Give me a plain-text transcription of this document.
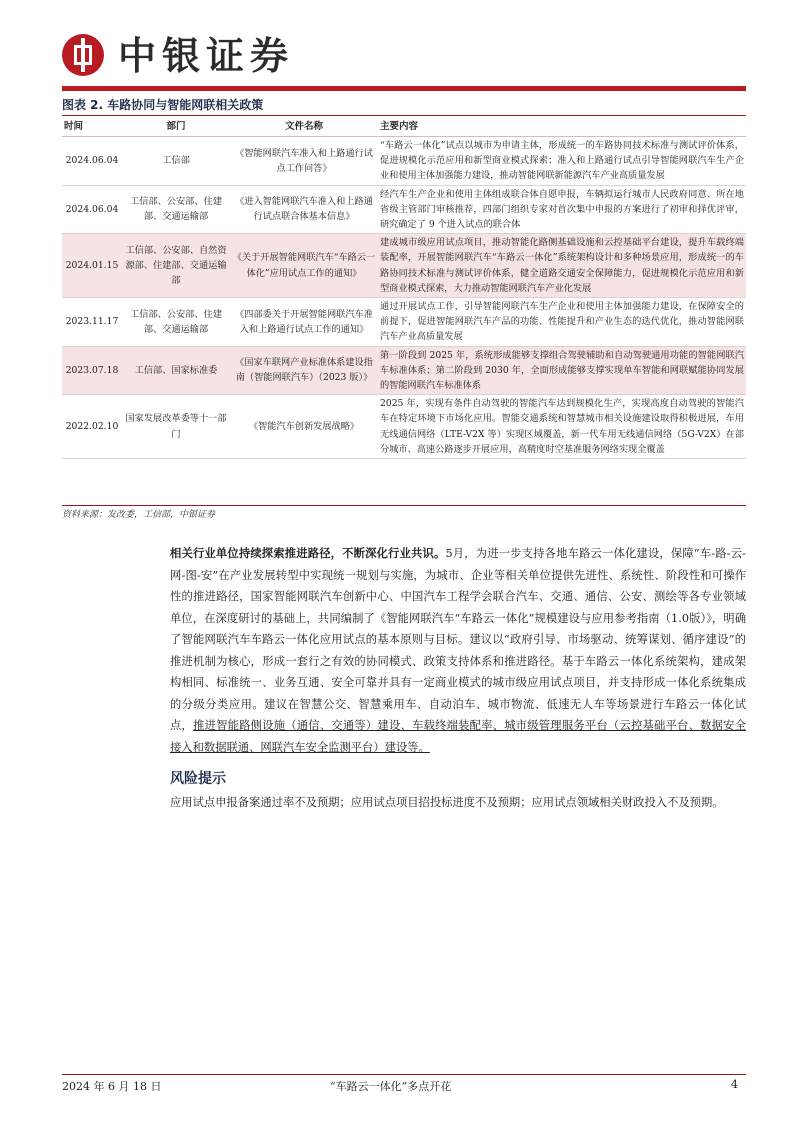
中银证券
图表 2. 车路协同与智能网联相关政策
时间	部门	文件名称	主要内容
2024.06.04	工信部	《智能网联汽车准入和上路通行试点工作问答》	“车路云一体化”试点以城市为申请主体，形成统一的车路协同技术标准与测试评价体系，促进规模化示范应用和新型商业模式探索；准入和上路通行试点引导智能网联汽车生产企业和使用主体加强能力建设，推动智能网联新能源汽车产业高质量发展
2024.06.04	工信部、公安部、住建部、交通运输部	《进入智能网联汽车准入和上路通行试点联合体基本信息》	经汽车生产企业和使用主体组成联合体自愿申报，车辆拟运行城市人民政府同意、所在地省级主管部门审核推荐，四部门组织专家对首次集中申报的方案进行了初审和择优评审，研究确定了 9 个进入试点的联合体
2024.01.15	工信部、公安部、自然资源部、住建部、交通运输部	《关于开展智能网联汽车“车路云一体化”应用试点工作的通知》	建成城市级应用试点项目，推动智能化路侧基础设施和云控基础平台建设，提升车载终端装配率，开展智能网联汽车“车路云一体化”系统架构设计和多种场景应用，形成统一的车路协同技术标准与测试评价体系，健全道路交通安全保障能力，促进规模化示范应用和新型商业模式探索，大力推动智能网联汽车产业化发展
2023.11.17	工信部、公安部、住建部、交通运输部	《四部委关于开展智能网联汽车准入和上路通行试点工作的通知》	通过开展试点工作，引导智能网联汽车生产企业和使用主体加强能力建设，在保障安全的前提下，促进智能网联汽车产品的功能、性能提升和产业生态的迭代优化，推动智能网联汽车产业高质量发展
2023.07.18	工信部、国家标准委	《国家车联网产业标准体系建设指南（智能网联汽车）（2023 版）》	第一阶段到 2025 年，系统形成能够支撑组合驾驶辅助和自动驾驶通用功能的智能网联汽车标准体系；第二阶段到 2030 年，全面形成能够支撑实现单车智能和网联赋能协同发展的智能网联汽车标准体系
2022.02.10	国家发展改革委等十一部门	《智能汽车创新发展战略》	2025 年，实现有条件自动驾驶的智能汽车达到规模化生产，实现高度自动驾驶的智能汽车在特定环境下市场化应用。智能交通系统和智慧城市相关设施建设取得积极进展，车用无线通信网络（LTE-V2X 等）实现区域覆盖，新一代车用无线通信网络（5G-V2X）在部分城市、高速公路逐步开展应用，高精度时空基准服务网络实现全覆盖
资料来源：发改委，工信部，中银证券
相关行业单位持续探索推进路径，不断深化行业共识。5月，为进一步支持各地车路云一体化建设，保障“车-路-云-网-图-安”在产业发展转型中实现统一规划与实施，为城市、企业等相关单位提供先进性、系统性、阶段性和可操作性的推进路径，国家智能网联汽车创新中心、中国汽车工程学会联合汽车、交通、通信、公安、测绘等各专业领域单位，在深度研讨的基础上，共同编制了《智能网联汽车“车路云一体化”规模建设与应用参考指南（1.0版）》，明确了智能网联汽车车路云一体化应用试点的基本原则与目标。建议以“政府引导、市场驱动、统筹谋划、循序建设”的推进机制为核心，形成一套行之有效的协同模式、政策支持体系和推进路径。基于车路云一体化系统架构，建成架构相同、标准统一、业务互通、安全可靠并具有一定商业模式的城市级应用试点项目，并支持形成一体化系统集成的分级分类应用。建议在智慧公交、智慧乘用车、自动泊车、城市物流、低速无人车等场景进行车路云一体化试点，推进智能路侧设施（通信、交通等）建设、车载终端装配率、城市级管理服务平台（云控基础平台、数据安全接入和数据联通、网联汽车安全监测平台）建设等。
风险提示
应用试点申报备案通过率不及预期；应用试点项目招投标进度不及预期；应用试点领域相关财政投入不及预期。
2024 年 6 月 18 日	“车路云一体化”多点开花	4
